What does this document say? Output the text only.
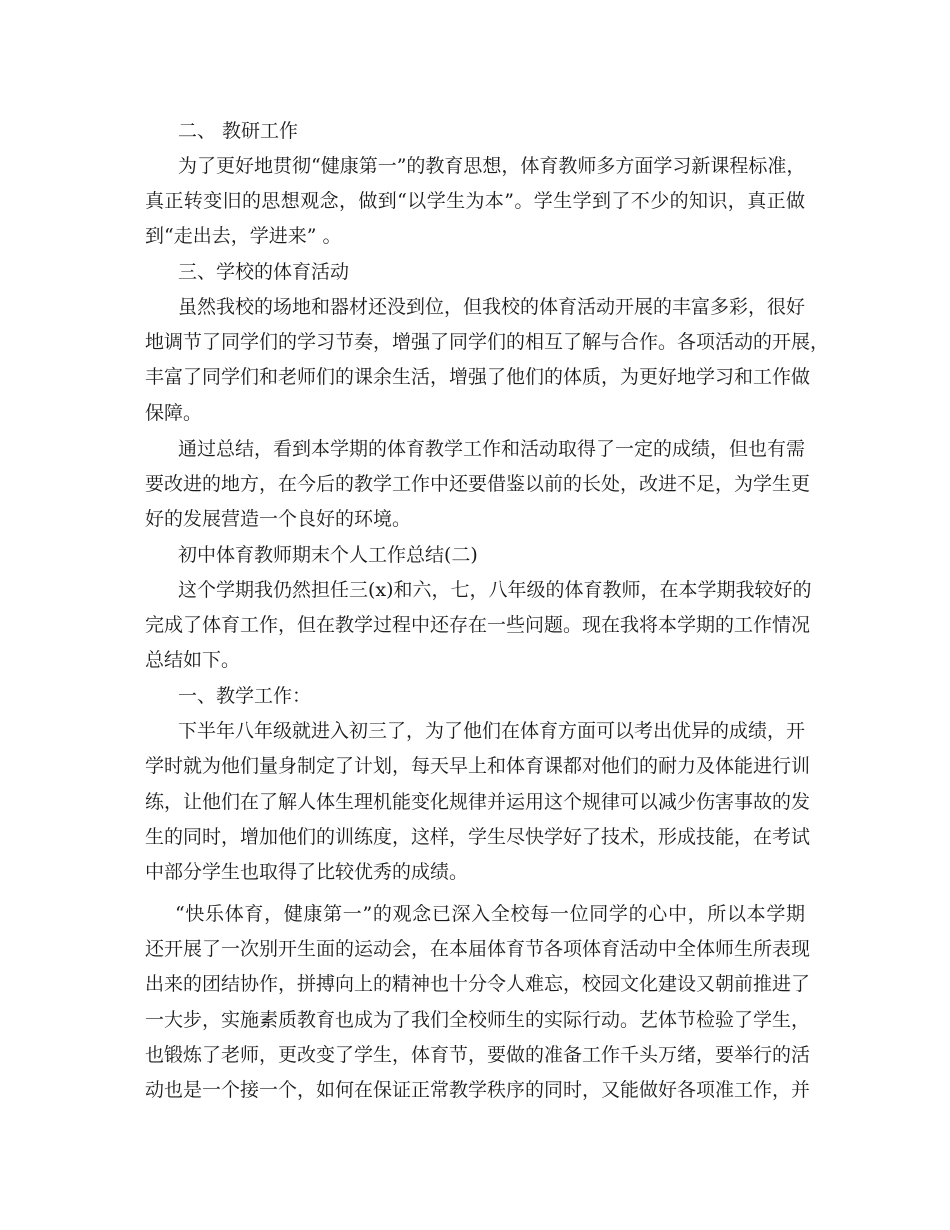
二、 教研工作
为了更好地贯彻“健康第一”的教育思想，体育教师多方面学习新课程标准，
真正转变旧的思想观念，做到“以学生为本”。学生学到了不少的知识，真正做
到“走出去，学进来” 。
三、学校的体育活动
虽然我校的场地和器材还没到位，但我校的体育活动开展的丰富多彩，很好
地调节了同学们的学习节奏，增强了同学们的相互了解与合作。各项活动的开展，
丰富了同学们和老师们的课余生活，增强了他们的体质，为更好地学习和工作做
保障。
通过总结，看到本学期的体育教学工作和活动取得了一定的成绩，但也有需
要改进的地方，在今后的教学工作中还要借鉴以前的长处，改进不足，为学生更
好的发展营造一个良好的环境。
初中体育教师期末个人工作总结(二)
这个学期我仍然担任三(x)和六，七，八年级的体育教师，在本学期我较好的
完成了体育工作，但在教学过程中还存在一些问题。现在我将本学期的工作情况
总结如下。
一、教学工作：
下半年八年级就进入初三了，为了他们在体育方面可以考出优异的成绩，开
学时就为他们量身制定了计划，每天早上和体育课都对他们的耐力及体能进行训
练，让他们在了解人体生理机能变化规律并运用这个规律可以减少伤害事故的发
生的同时，增加他们的训练度，这样，学生尽快学好了技术，形成技能，在考试
中部分学生也取得了比较优秀的成绩。
“快乐体育，健康第一”的观念已深入全校每一位同学的心中，所以本学期
还开展了一次别开生面的运动会，在本届体育节各项体育活动中全体师生所表现
出来的团结协作，拼搏向上的精神也十分令人难忘，校园文化建设又朝前推进了
一大步，实施素质教育也成为了我们全校师生的实际行动。艺体节检验了学生，
也锻炼了老师，更改变了学生，体育节，要做的准备工作千头万绪，要举行的活
动也是一个接一个，如何在保证正常教学秩序的同时，又能做好各项准工作，并
